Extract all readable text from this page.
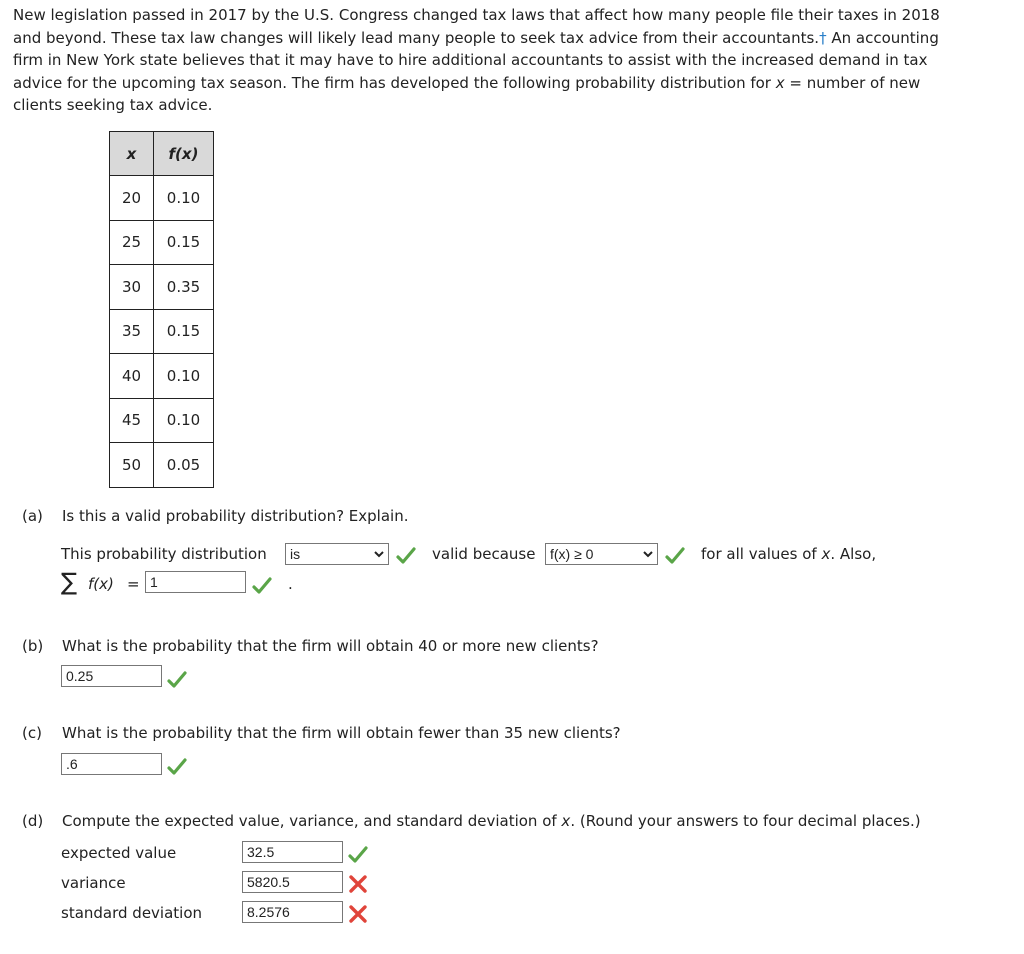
New legislation passed in 2017 by the U.S. Congress changed tax laws that affect how many people file their taxes in 2018
and beyond. These tax law changes will likely lead many people to seek tax advice from their accountants.† An accounting
firm in New York state believes that it may have to hire additional accountants to assist with the increased demand in tax
advice for the upcoming tax season. The firm has developed the following probability distribution for x = number of new
clients seeking tax advice.
x	f(x)
20	0.10
25	0.15
30	0.35
35	0.15
40	0.10
45	0.10
50	0.05
(a) Is this a valid probability distribution? Explain.
This probability distribution	is	valid because	f(x) ≥ 0	for all values of x. Also,
∑ f(x) = 1	.
(b) What is the probability that the firm will obtain 40 or more new clients?
0.25
(c) What is the probability that the firm will obtain fewer than 35 new clients?
.6
(d) Compute the expected value, variance, and standard deviation of x. (Round your answers to four decimal places.)
expected value	32.5
variance	5820.5
standard deviation	8.2576
